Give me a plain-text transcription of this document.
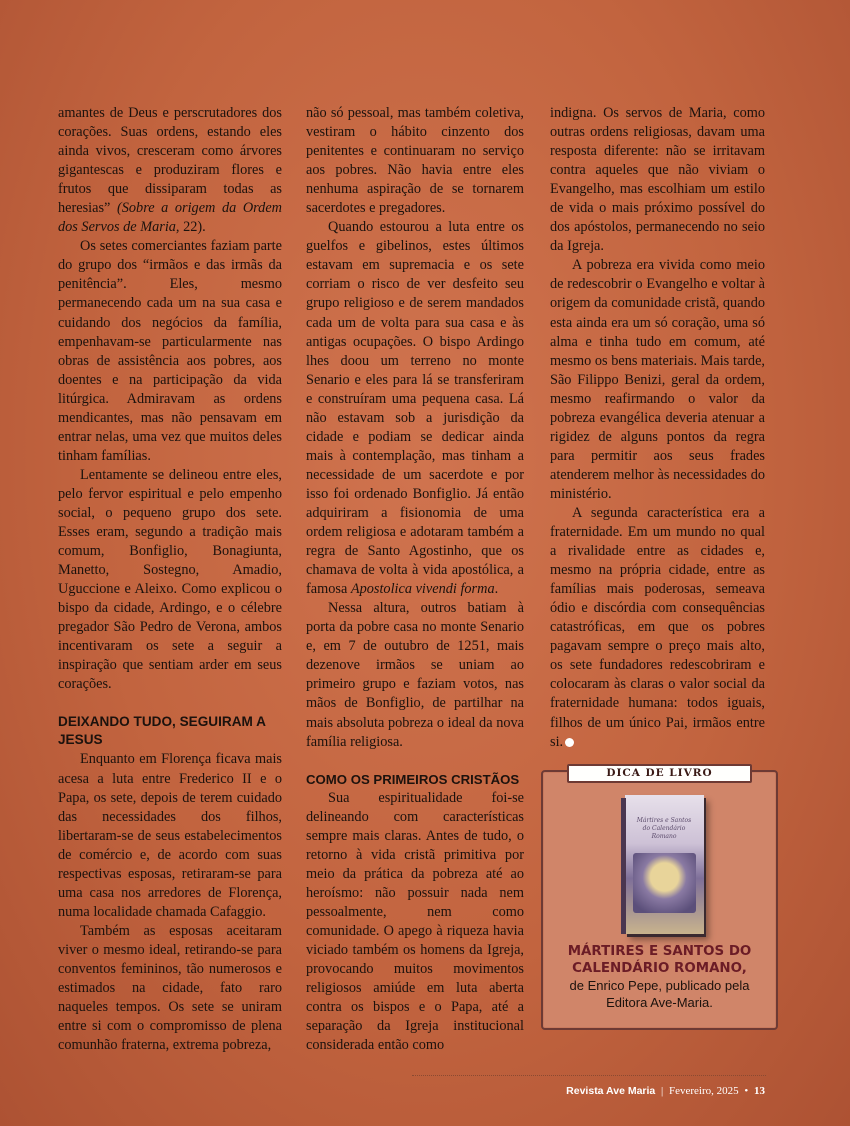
amantes de Deus e perscrutadores dos corações. Suas ordens, estando eles ainda vivos, cresceram como árvores gigantescas e produziram flores e frutos que dissiparam todas as heresias” (Sobre a origem da Ordem dos Servos de Maria, 22).

Os setes comerciantes faziam parte do grupo dos “irmãos e das irmãs da penitência”. Eles, mesmo permanecendo cada um na sua casa e cuidando dos negócios da família, empenhavam-se particularmente nas obras de assistência aos pobres, aos doentes e na participação da vida litúrgica. Admiravam as ordens mendicantes, mas não pensavam em entrar nelas, uma vez que muitos deles tinham famílias.

Lentamente se delineou entre eles, pelo fervor espiritual e pelo empenho social, o pequeno grupo dos sete. Esses eram, segundo a tradição mais comum, Bonfiglio, Bonagiunta, Manetto, Sostegno, Amadio, Uguccione e Aleixo. Como explicou o bispo da cidade, Ardingo, e o célebre pregador São Pedro de Verona, ambos incentivaram os sete a seguir a inspiração que sentiam arder em seus corações.

DEIXANDO TUDO, SEGUIRAM A JESUS

Enquanto em Florença ficava mais acesa a luta entre Frederico II e o Papa, os sete, depois de terem cuidado das necessidades dos filhos, libertaram-se de seus estabelecimentos de comércio e, de acordo com suas respectivas esposas, retiraram-se para uma casa nos arredores de Florença, numa localidade chamada Cafaggio.

Também as esposas aceitaram viver o mesmo ideal, retirando-se para conventos femininos, tão numerosos e estimados na cidade, fato raro naqueles tempos. Os sete se uniram entre si com o compromisso de plena comunhão fraterna, extrema pobreza,

não só pessoal, mas também coletiva, vestiram o hábito cinzento dos penitentes e continuaram no serviço aos pobres. Não havia entre eles nenhuma aspiração de se tornarem sacerdotes e pregadores.

Quando estourou a luta entre os guelfos e gibelinos, estes últimos estavam em supremacia e os sete corriam o risco de ver desfeito seu grupo religioso e de serem mandados cada um de volta para sua casa e às antigas ocupações. O bispo Ardingo lhes doou um terreno no monte Senario e eles para lá se transferiram e construíram uma pequena casa. Lá não estavam sob a jurisdição da cidade e podiam se dedicar ainda mais à contemplação, mas tinham a necessidade de um sacerdote e por isso foi ordenado Bonfiglio. Já então adquiriram a fisionomia de uma ordem religiosa e adotaram também a regra de Santo Agostinho, que os chamava de volta à vida apostólica, a famosa Apostolica vivendi forma.

Nessa altura, outros batiam à porta da pobre casa no monte Senario e, em 7 de outubro de 1251, mais dezenove irmãos se uniam ao primeiro grupo e faziam votos, nas mãos de Bonfiglio, de partilhar na mais absoluta pobreza o ideal da nova família religiosa.

COMO OS PRIMEIROS CRISTÃOS

Sua espiritualidade foi-se delineando com características sempre mais claras. Antes de tudo, o retorno à vida cristã primitiva por meio da prática da pobreza até ao heroísmo: não possuir nada nem pessoalmente, nem como comunidade. O apego à riqueza havia viciado também os homens da Igreja, provocando muitos movimentos religiosos amiúde em luta aberta contra os bispos e o Papa, até a separação da Igreja institucional considerada então como

indigna. Os servos de Maria, como outras ordens religiosas, davam uma resposta diferente: não se irritavam contra aqueles que não viviam o Evangelho, mas escolhiam um estilo de vida o mais próximo possível do dos apóstolos, permanecendo no seio da Igreja.

A pobreza era vivida como meio de redescobrir o Evangelho e voltar à origem da comunidade cristã, quando esta ainda era um só coração, uma só alma e tinha tudo em comum, até mesmo os bens materiais. Mais tarde, São Filippo Benizi, geral da ordem, mesmo reafirmando o valor da pobreza evangélica deveria atenuar a rigidez de alguns pontos da regra para permitir aos seus frades atenderem melhor às necessidades do ministério.

A segunda característica era a fraternidade. Em um mundo no qual a rivalidade entre as cidades e, mesmo na própria cidade, entre as famílias mais poderosas, semeava ódio e discórdia com consequências catastróficas, em que os pobres pagavam sempre o preço mais alto, os sete fundadores redescobriram e colocaram às claras o valor social da fraternidade humana: todos iguais, filhos de um único Pai, irmãos entre si.

DICA DE LIVRO
Mártires e Santos do Calendário Romano
MÁRTIRES E SANTOS DO CALENDÁRIO ROMANO,
de Enrico Pepe, publicado pela Editora Ave-Maria.
Revista Ave Maria | Fevereiro, 2025 • 13
